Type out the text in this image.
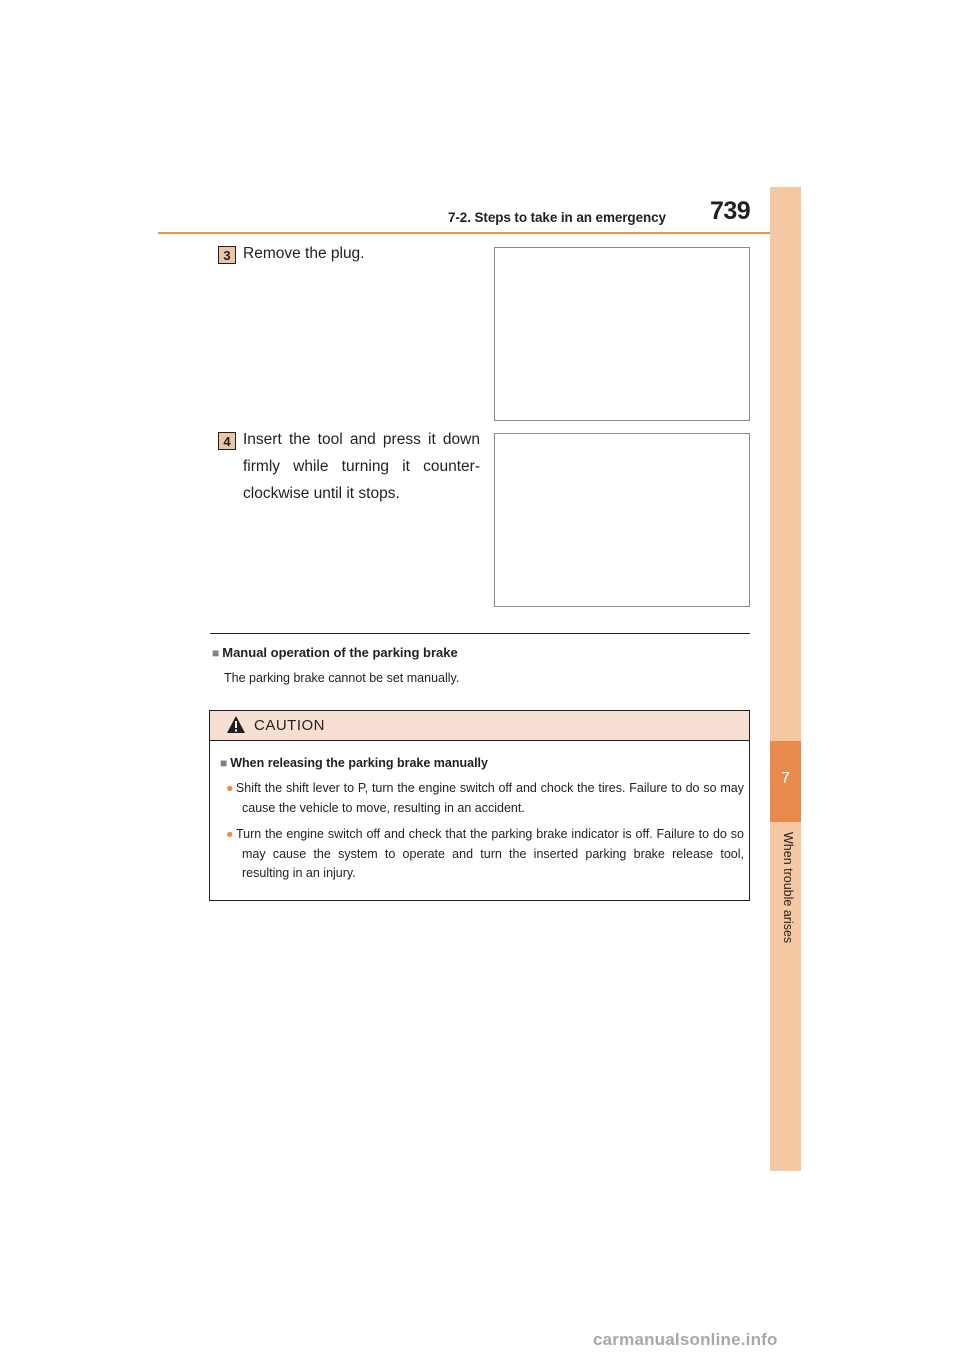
7-2. Steps to take in an emergency 739
7
When trouble arises
3 Remove the plug.
4 Insert the tool and press it down firmly while turning it counter-clockwise until it stops.
■ Manual operation of the parking brake
The parking brake cannot be set manually.
CAUTION
■ When releasing the parking brake manually
● Shift the shift lever to P, turn the engine switch off and chock the tires. Failure to do so may cause the vehicle to move, resulting in an accident.
● Turn the engine switch off and check that the parking brake indicator is off. Failure to do so may cause the system to operate and turn the inserted parking brake release tool, resulting in an injury.
carmanualsonline.info
